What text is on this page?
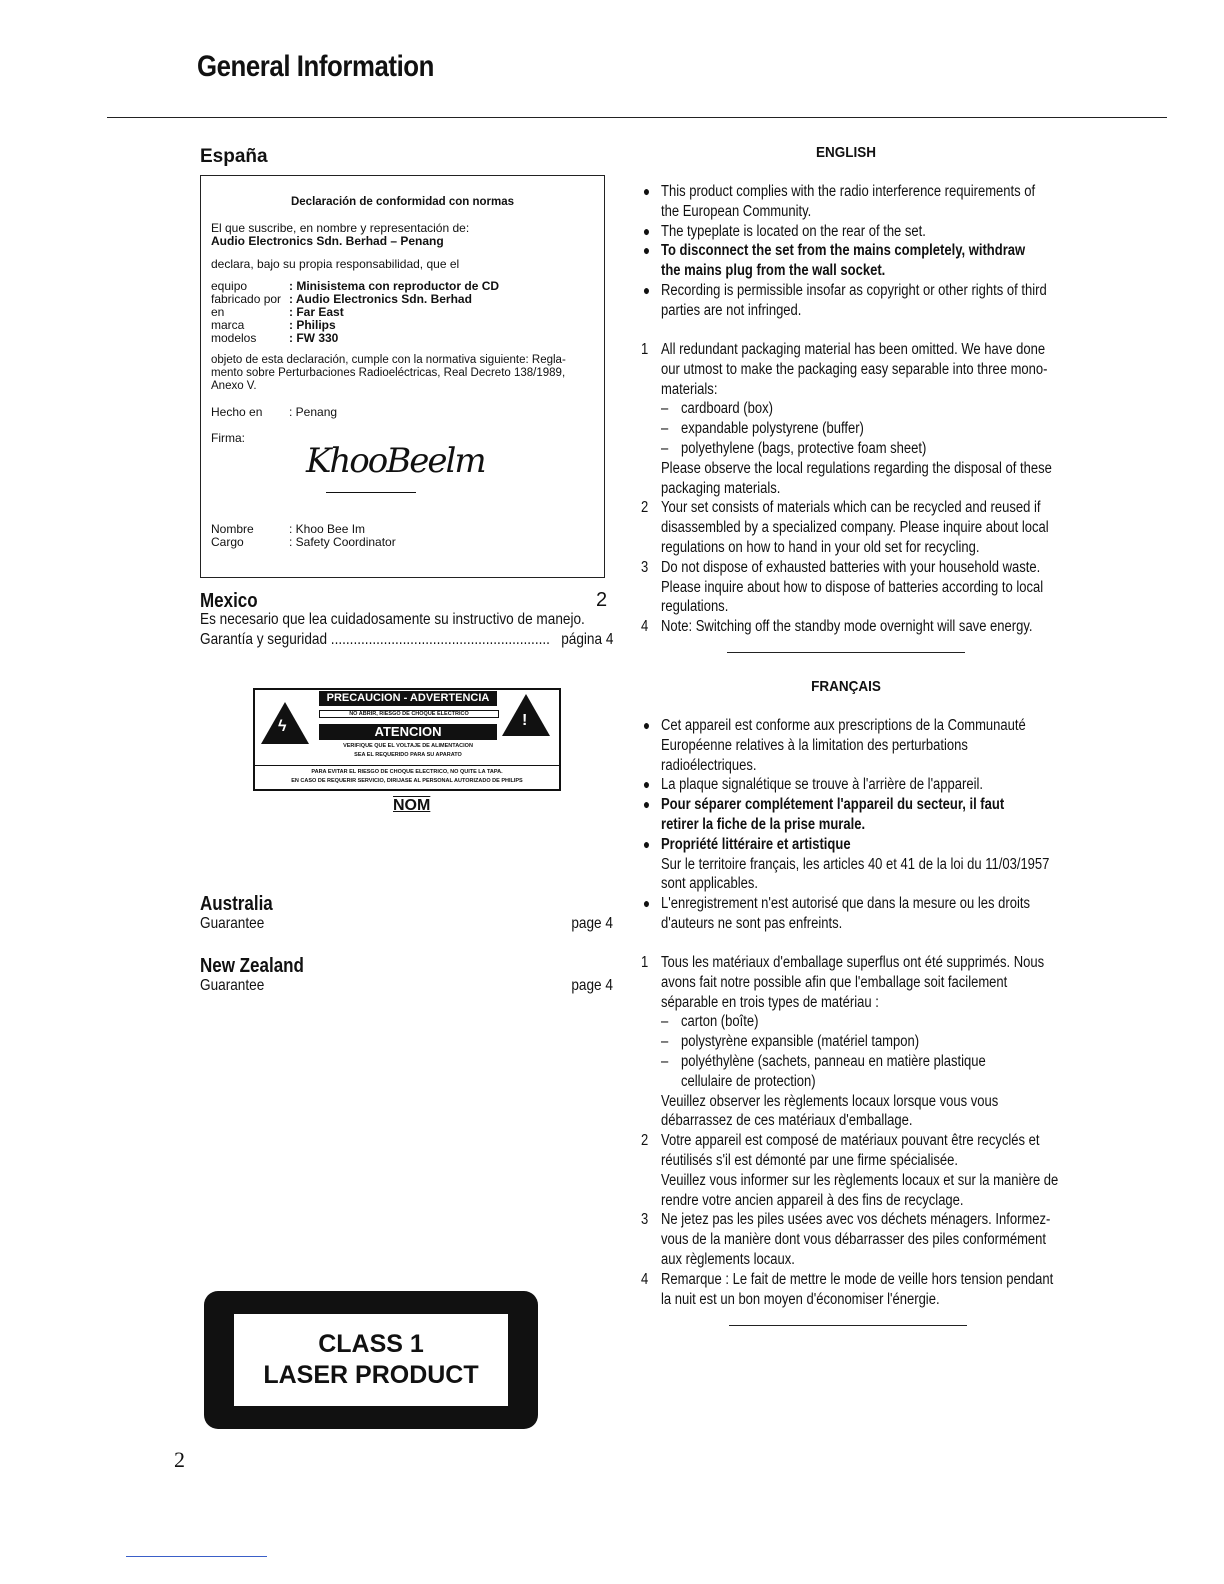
General Information
España
Declaración de conformidad con normas
El que suscribe, en nombre y representación de:
Audio Electronics Sdn. Berhad – Penang
declara, bajo su propia responsabilidad, que el
equipo	: Minisistema con reproductor de CD
fabricado por : Audio Electronics Sdn. Berhad
en	: Far East
marca	: Philips
modelos	: FW 330
objeto de esta declaración, cumple con la normativa siguiente: Regla-
mento sobre Perturbaciones Radioeléctricas, Real Decreto 138/1989,
Anexo V.
Hecho en	: Penang
Firma:
KhooBeelm
Nombre	: Khoo Bee Im
Cargo	: Safety Coordinator
Mexico	2
Es necesario que lea cuidadosamente su instructivo de manejo.
Garantía y seguridad .......................................................... página 4
ϟ	!
PRECAUCION - ADVERTENCIA
NO ABRIR, RIESGO DE CHOQUE ELECTRICO
ATENCION
VERIFIQUE QUE EL VOLTAJE DE ALIMENTACION
SEA EL REQUERIDO PARA SU APARATO
PARA EVITAR EL RIESGO DE CHOQUE ELECTRICO, NO QUITE LA TAPA.
EN CASO DE REQUERIR SERVICIO, DIRIJASE AL PERSONAL AUTORIZADO DE PHILIPS
NOM
Australia
Guarantee	page 4
New Zealand
Guarantee	page 4
CLASS 1
LASER PRODUCT
2
ENGLISH
● This product complies with the radio interference requirements of
the European Community.
● The typeplate is located on the rear of the set.
● To disconnect the set from the mains completely, withdraw
the mains plug from the wall socket.
● Recording is permissible insofar as copyright or other rights of third
parties are not infringed.
1 All redundant packaging material has been omitted. We have done
our utmost to make the packaging easy separable into three mono-
materials:
– cardboard (box)
– expandable polystyrene (buffer)
– polyethylene (bags, protective foam sheet)
Please observe the local regulations regarding the disposal of these
packaging materials.
2 Your set consists of materials which can be recycled and reused if
disassembled by a specialized company. Please inquire about local
regulations on how to hand in your old set for recycling.
3 Do not dispose of exhausted batteries with your household waste.
Please inquire about how to dispose of batteries according to local
regulations.
4 Note: Switching off the standby mode overnight will save energy.
FRANÇAIS
● Cet appareil est conforme aux prescriptions de la Communauté
Européenne relatives à la limitation des perturbations
radioélectriques.
● La plaque signalétique se trouve à l'arrière de l'appareil.
● Pour séparer complétement l'appareil du secteur, il faut
retirer la fiche de la prise murale.
● Propriété littéraire et artistique
Sur le territoire français, les articles 40 et 41 de la loi du 11/03/1957
sont applicables.
● L'enregistrement n'est autorisé que dans la mesure ou les droits
d'auteurs ne sont pas enfreints.
1 Tous les matériaux d'emballage superflus ont été supprimés. Nous
avons fait notre possible afin que l'emballage soit facilement
séparable en trois types de matériau :
– carton (boîte)
– polystyrène expansible (matériel tampon)
– polyéthylène (sachets, panneau en matière plastique
cellulaire de protection)
Veuillez observer les règlements locaux lorsque vous vous
débarrassez de ces matériaux d'emballage.
2 Votre appareil est composé de matériaux pouvant être recyclés et
réutilisés s'il est démonté par une firme spécialisée.
Veuillez vous informer sur les règlements locaux et sur la manière de
rendre votre ancien appareil à des fins de recyclage.
3 Ne jetez pas les piles usées avec vos déchets ménagers. Informez-
vous de la manière dont vous débarrasser des piles conformément
aux règlements locaux.
4 Remarque : Le fait de mettre le mode de veille hors tension pendant
la nuit est un bon moyen d'économiser l'énergie.
